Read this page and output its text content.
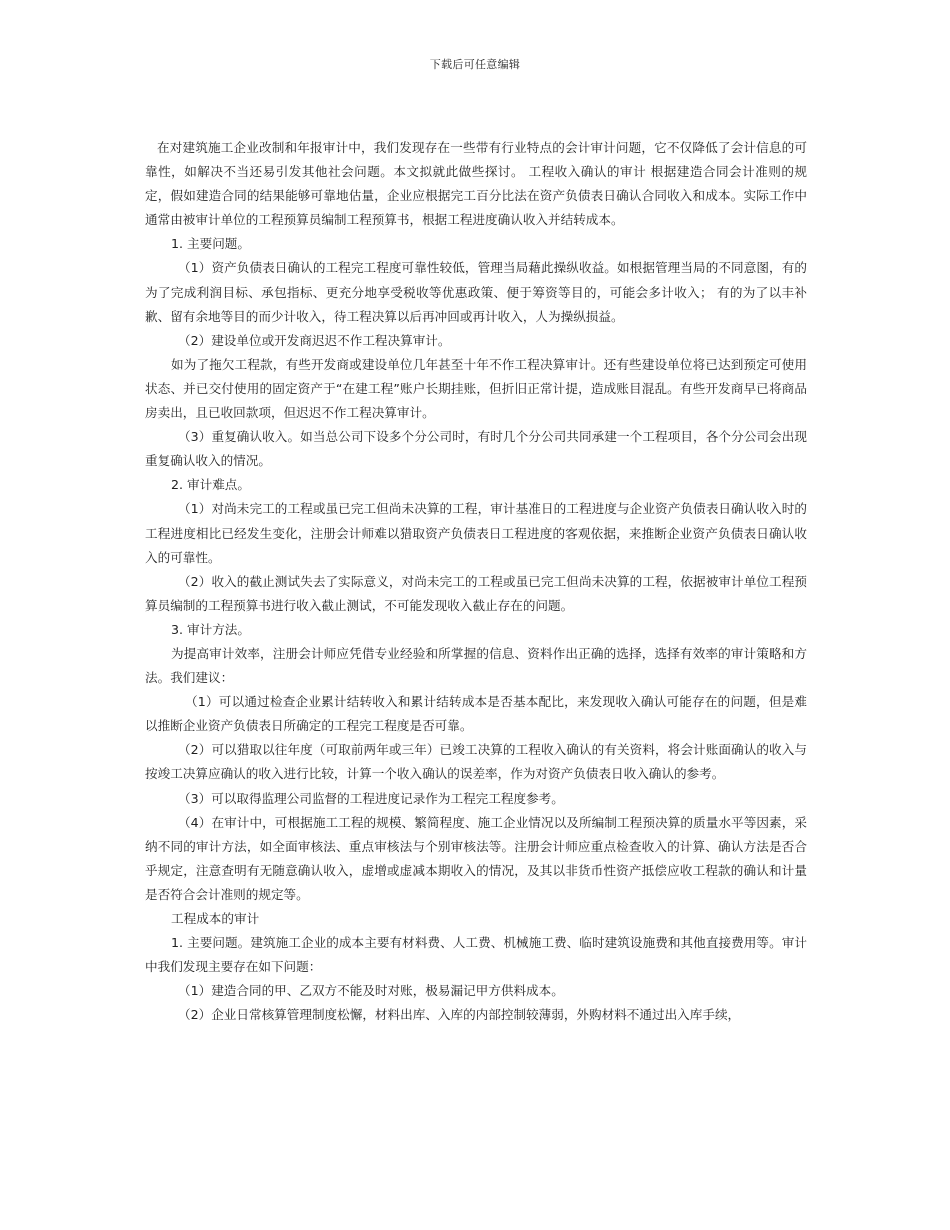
下载后可任意编辑

在对建筑施工企业改制和年报审计中，我们发现存在一些带有行业特点的会计审计问题，它不仅降低了会计信息的可靠性，如解决不当还易引发其他社会问题。本文拟就此做些探讨。 工程收入确认的审计 根据建造合同会计准则的规定，假如建造合同的结果能够可靠地估量，企业应根据完工百分比法在资产负债表日确认合同收入和成本。实际工作中通常由被审计单位的工程预算员编制工程预算书，根据工程进度确认收入并结转成本。

1. 主要问题。

（1）资产负债表日确认的工程完工程度可靠性较低，管理当局藉此操纵收益。如根据管理当局的不同意图，有的为了完成利润目标、承包指标、更充分地享受税收等优惠政策、便于筹资等目的，可能会多计收入； 有的为了以丰补歉、留有余地等目的而少计收入，待工程决算以后再冲回或再计收入，人为操纵损益。

（2）建设单位或开发商迟迟不作工程决算审计。

如为了拖欠工程款，有些开发商或建设单位几年甚至十年不作工程决算审计。还有些建设单位将已达到预定可使用状态、并已交付使用的固定资产于“在建工程”账户长期挂账，但折旧正常计提，造成账目混乱。有些开发商早已将商品房卖出，且已收回款项，但迟迟不作工程决算审计。

（3）重复确认收入。如当总公司下设多个分公司时，有时几个分公司共同承建一个工程项目，各个分公司会出现重复确认收入的情况。

2. 审计难点。

（1）对尚未完工的工程或虽已完工但尚未决算的工程，审计基准日的工程进度与企业资产负债表日确认收入时的工程进度相比已经发生变化，注册会计师难以猎取资产负债表日工程进度的客观依据，来推断企业资产负债表日确认收入的可靠性。

（2）收入的截止测试失去了实际意义，对尚未完工的工程或虽已完工但尚未决算的工程，依据被审计单位工程预算员编制的工程预算书进行收入截止测试，不可能发现收入截止存在的问题。

3. 审计方法。

为提高审计效率，注册会计师应凭借专业经验和所掌握的信息、资料作出正确的选择，选择有效率的审计策略和方法。我们建议：

（1）可以通过检查企业累计结转收入和累计结转成本是否基本配比，来发现收入确认可能存在的问题，但是难以推断企业资产负债表日所确定的工程完工程度是否可靠。

（2）可以猎取以往年度（可取前两年或三年）已竣工决算的工程收入确认的有关资料，将会计账面确认的收入与按竣工决算应确认的收入进行比较，计算一个收入确认的误差率，作为对资产负债表日收入确认的参考。

（3）可以取得监理公司监督的工程进度记录作为工程完工程度参考。

（4）在审计中，可根据施工工程的规模、繁简程度、施工企业情况以及所编制工程预决算的质量水平等因素，采纳不同的审计方法，如全面审核法、重点审核法与个别审核法等。注册会计师应重点检查收入的计算、确认方法是否合乎规定，注意查明有无随意确认收入，虚增或虚减本期收入的情况，及其以非货币性资产抵偿应收工程款的确认和计量是否符合会计准则的规定等。

工程成本的审计

1. 主要问题。建筑施工企业的成本主要有材料费、人工费、机械施工费、临时建筑设施费和其他直接费用等。审计中我们发现主要存在如下问题：

（1）建造合同的甲、乙双方不能及时对账，极易漏记甲方供料成本。

（2）企业日常核算管理制度松懈，材料出库、入库的内部控制较薄弱，外购材料不通过出入库手续，
